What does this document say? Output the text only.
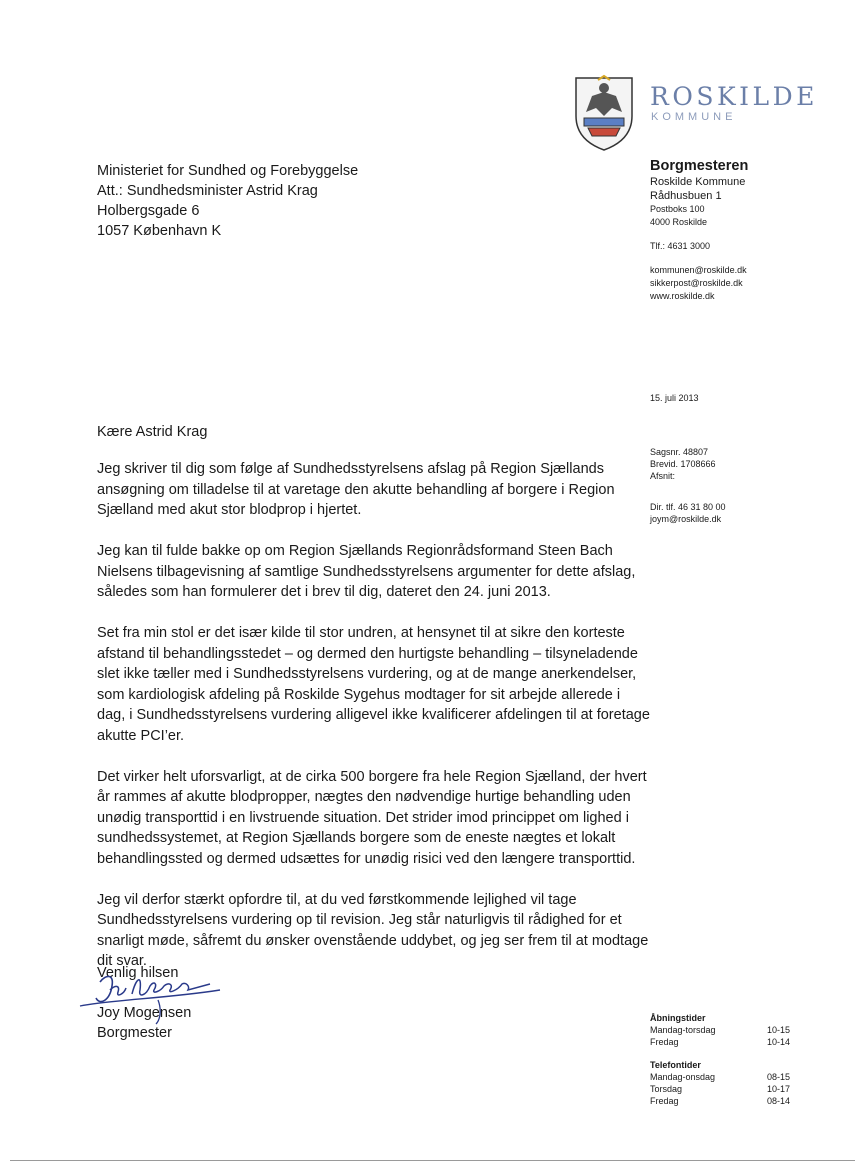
ROSKILDE
KOMMUNE
Ministeriet for Sundhed og Forebyggelse
Att.: Sundhedsminister Astrid Krag
Holbergsgade 6
1057 København K
Borgmesteren
Roskilde Kommune
Rådhusbuen 1
Postboks 100
4000 Roskilde
Tlf.: 4631 3000
kommunen@roskilde.dk
sikkerpost@roskilde.dk
www.roskilde.dk
15. juli 2013
Sagsnr. 48807
Brevid. 1708666
Afsnit:
Dir. tlf. 46 31 80 00
joym@roskilde.dk
Kære Astrid Krag

Jeg skriver til dig som følge af Sundhedsstyrelsens afslag på Region Sjællands
ansøgning om tilladelse til at varetage den akutte behandling af borgere i Region
Sjælland med akut stor blodprop i hjertet.

Jeg kan til fulde bakke op om Region Sjællands Regionrådsformand Steen Bach
Nielsens tilbagevisning af samtlige Sundhedsstyrelsens argumenter for dette afslag,
således som han formulerer det i brev til dig, dateret den 24. juni 2013.

Set fra min stol er det især kilde til stor undren, at hensynet til at sikre den korteste
afstand til behandlingsstedet – og dermed den hurtigste behandling – tilsyneladende
slet ikke tæller med i Sundhedsstyrelsens vurdering, og at de mange anerkendelser,
som kardiologisk afdeling på Roskilde Sygehus modtager for sit arbejde allerede i
dag, i Sundhedsstyrelsens vurdering alligevel ikke kvalificerer afdelingen til at foretage
akutte PCI’er.

Det virker helt uforsvarligt, at de cirka 500 borgere fra hele Region Sjælland, der hvert
år rammes af akutte blodpropper, nægtes den nødvendige hurtige behandling uden
unødig transporttid i en livstruende situation. Det strider imod princippet om lighed i
sundhedssystemet, at Region Sjællands borgere som de eneste nægtes et lokalt
behandlingssted og dermed udsættes for unødig risici ved den længere transporttid.

Jeg vil derfor stærkt opfordre til, at du ved førstkommende lejlighed vil tage
Sundhedsstyrelsens vurdering op til revision. Jeg står naturligvis til rådighed for et
snarligt møde, såfremt du ønsker ovenstående uddybet, og jeg ser frem til at modtage
dit svar.

Venlig hilsen
Joy Mogensen
Borgmester
Åbningstider
Mandag-torsdag	10-15
Fredag	10-14
Telefontider
Mandag-onsdag	08-15
Torsdag	10-17
Fredag	08-14
